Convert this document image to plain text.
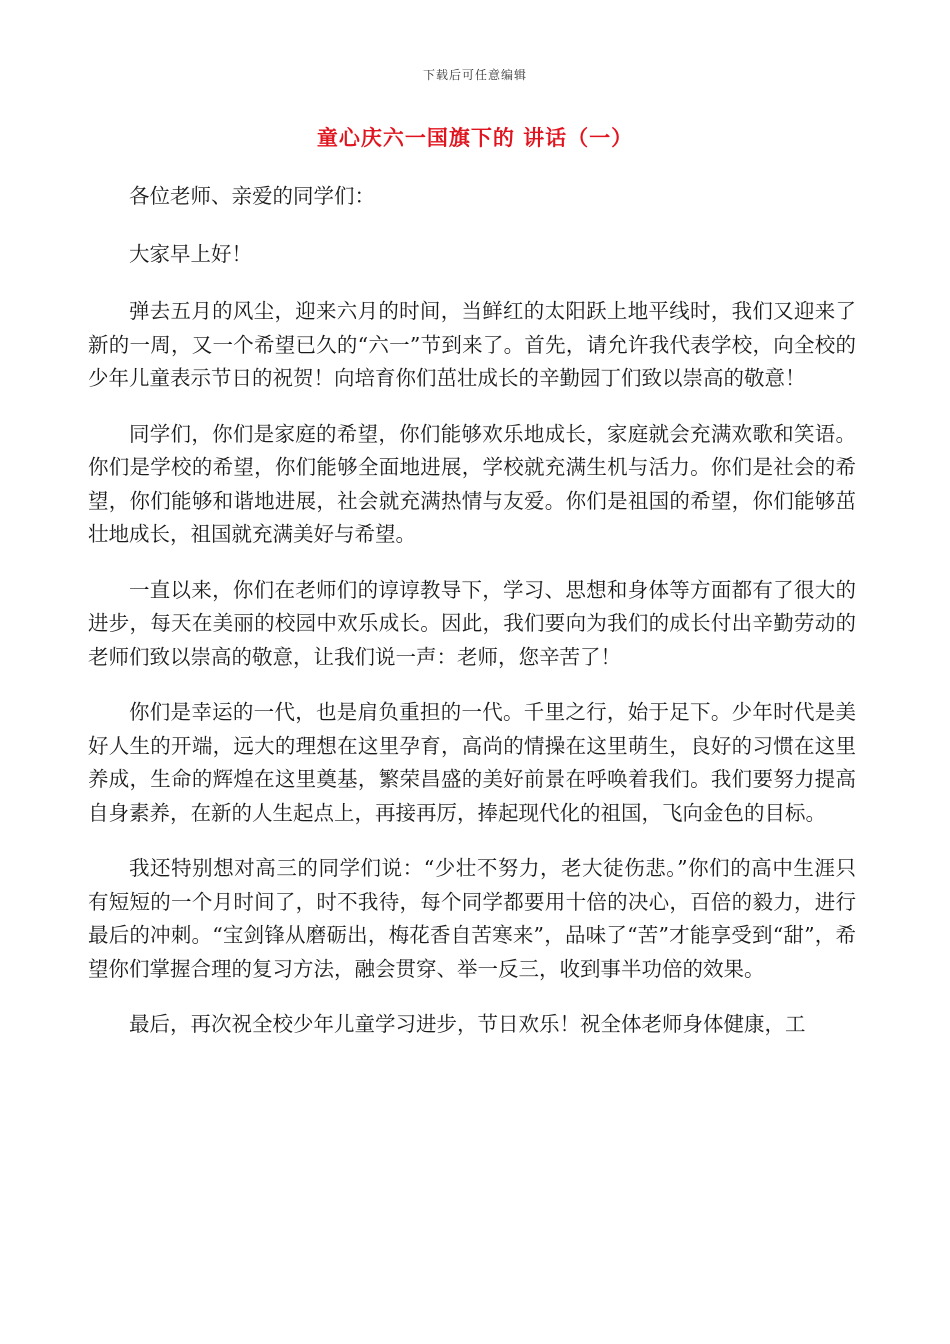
下载后可任意编辑
童心庆六一国旗下的 讲话（一）

各位老师、亲爱的同学们：

大家早上好！

弹去五月的风尘，迎来六月的时间，当鲜红的太阳跃上地平线时，我们又迎来了新的一周，又一个希望已久的“六一”节到来了。首先，请允许我代表学校，向全校的少年儿童表示节日的祝贺！向培育你们茁壮成长的辛勤园丁们致以崇高的敬意！

同学们，你们是家庭的希望，你们能够欢乐地成长，家庭就会充满欢歌和笑语。你们是学校的希望，你们能够全面地进展，学校就充满生机与活力。你们是社会的希望，你们能够和谐地进展，社会就充满热情与友爱。你们是祖国的希望，你们能够茁壮地成长，祖国就充满美好与希望。

一直以来，你们在老师们的谆谆教导下，学习、思想和身体等方面都有了很大的进步，每天在美丽的校园中欢乐成长。因此，我们要向为我们的成长付出辛勤劳动的老师们致以崇高的敬意，让我们说一声：老师，您辛苦了！

你们是幸运的一代，也是肩负重担的一代。千里之行，始于足下。少年时代是美好人生的开端，远大的理想在这里孕育，高尚的情操在这里萌生，良好的习惯在这里养成，生命的辉煌在这里奠基，繁荣昌盛的美好前景在呼唤着我们。我们要努力提高自身素养，在新的人生起点上，再接再厉，捧起现代化的祖国，飞向金色的目标。

我还特别想对高三的同学们说：“少壮不努力，老大徒伤悲。”你们的高中生涯只有短短的一个月时间了，时不我待，每个同学都要用十倍的决心，百倍的毅力，进行最后的冲刺。“宝剑锋从磨砺出，梅花香自苦寒来”，品味了“苦”才能享受到“甜”，希望你们掌握合理的复习方法，融会贯穿、举一反三，收到事半功倍的效果。

最后，再次祝全校少年儿童学习进步，节日欢乐！祝全体老师身体健康，工
